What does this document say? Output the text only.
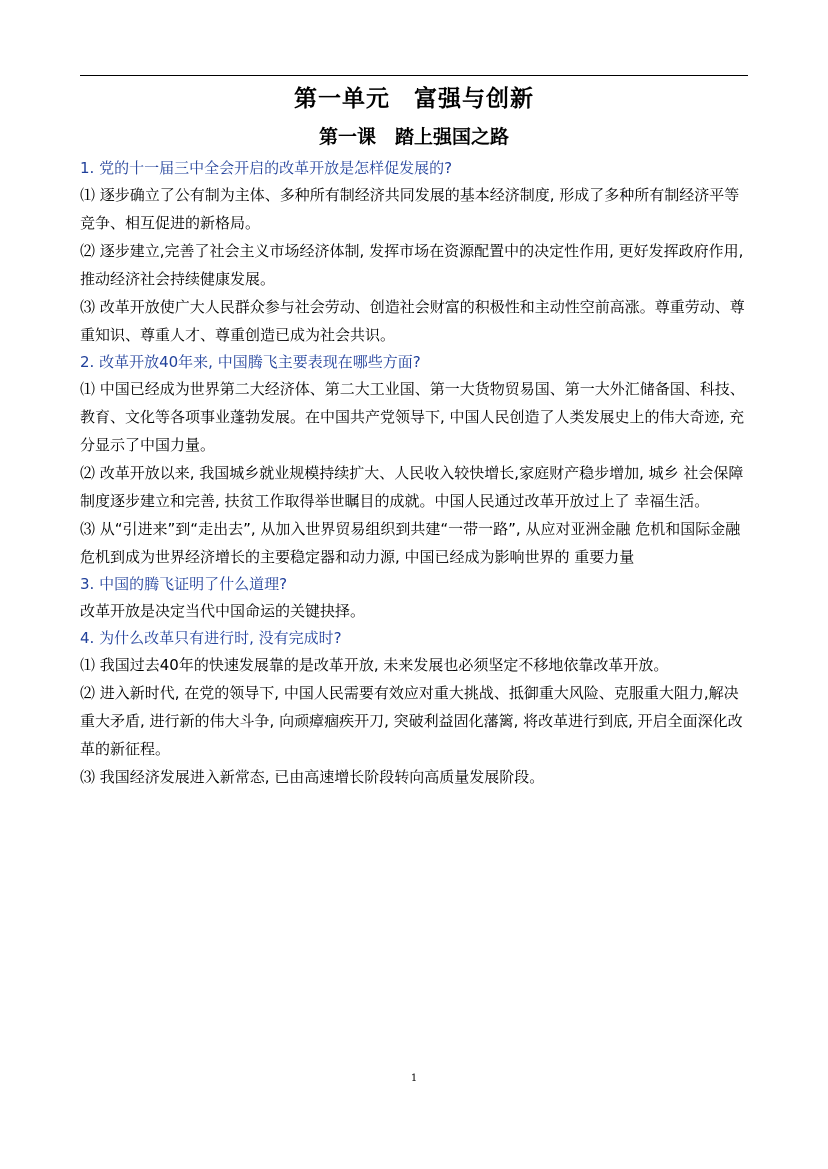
第一单元　富强与创新
第一课　踏上强国之路
1. 党的十一届三中全会开启的改革开放是怎样促发展的?
⑴ 逐步确立了公有制为主体、多种所有制经济共同发展的基本经济制度, 形成了多种所有制经济平等竞争、相互促进的新格局。
⑵ 逐步建立,完善了社会主义市场经济体制, 发挥市场在资源配置中的决定性作用, 更好发挥政府作用, 推动经济社会持续健康发展。
⑶ 改革开放使广大人民群众参与社会劳动、创造社会财富的积极性和主动性空前高涨。尊重劳动、尊重知识、尊重人才、尊重创造已成为社会共识。
2. 改革开放40年来, 中国腾飞主要表现在哪些方面?
⑴ 中国已经成为世界第二大经济体、第二大工业国、第一大货物贸易国、第一大外汇储备国、科技、教育、文化等各项事业蓬勃发展。在中国共产党领导下, 中国人民创造了人类发展史上的伟大奇迹, 充分显示了中国力量。
⑵ 改革开放以来, 我国城乡就业规模持续扩大、人民收入较快增长,家庭财产稳步增加, 城乡 社会保障制度逐步建立和完善, 扶贫工作取得举世瞩目的成就。中国人民通过改革开放过上了 幸福生活。
⑶ 从“引进来”到“走出去”, 从加入世界贸易组织到共建“一带一路”, 从应对亚洲金融 危机和国际金融危机到成为世界经济增长的主要稳定器和动力源, 中国已经成为影响世界的 重要力量
3. 中国的腾飞证明了什么道理?
改革开放是决定当代中国命运的关键抉择。
4. 为什么改革只有进行时, 没有完成时?
⑴ 我国过去40年的快速发展靠的是改革开放, 未来发展也必须坚定不移地依靠改革开放。
⑵ 进入新时代, 在党的领导下, 中国人民需要有效应对重大挑战、抵御重大风险、克服重大阻力,解决重大矛盾, 进行新的伟大斗争, 向顽瘴痼疾开刀, 突破利益固化藩篱, 将改革进行到底, 开启全面深化改革的新征程。
⑶ 我国经济发展进入新常态, 已由高速增长阶段转向高质量发展阶段。
1
